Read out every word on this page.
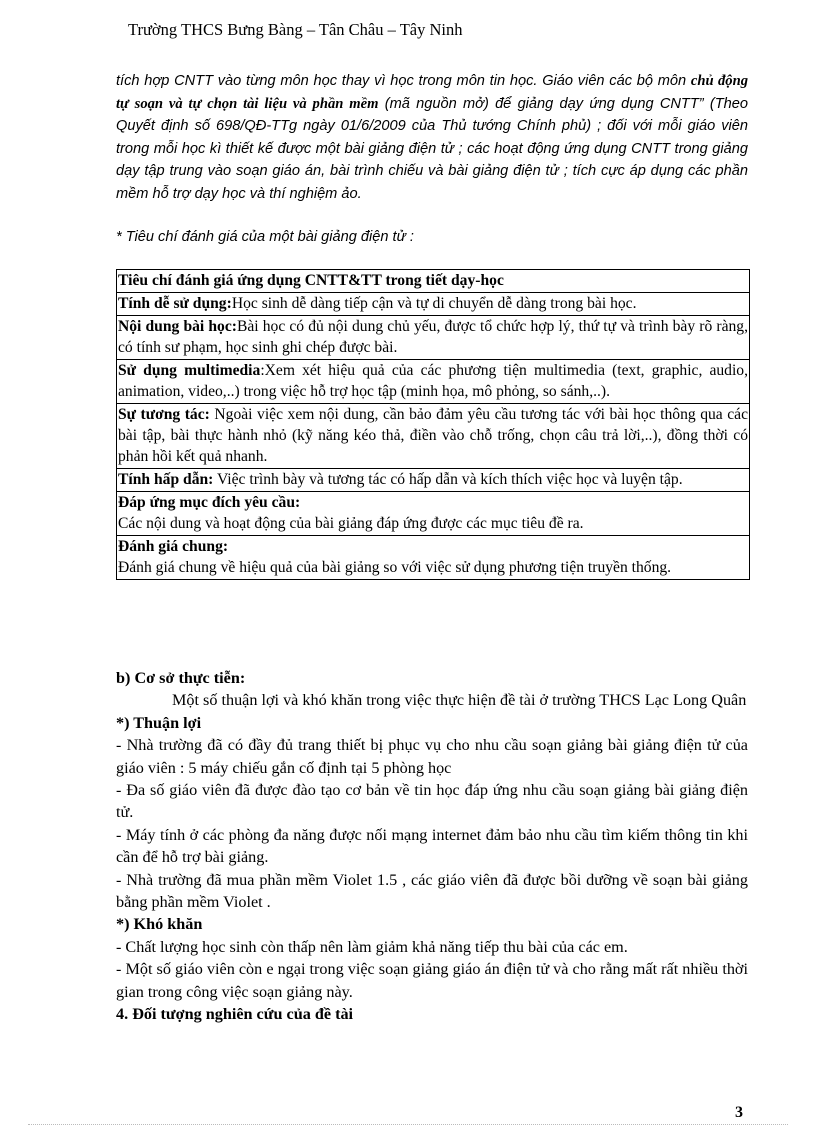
Trường THCS Bưng Bàng – Tân Châu – Tây Ninh
tích hợp CNTT vào từng môn học thay vì học trong môn tin học. Giáo viên các bộ môn chủ động tự soạn và tự chọn tài liệu và phần mềm (mã nguồn mở) để giảng dạy ứng dụng CNTT” (Theo Quyết định số 698/QĐ-TTg ngày 01/6/2009 của Thủ tướng Chính phủ) ; đối với mỗi giáo viên trong mỗi học kì thiết kế được một bài giảng điện tử ; các hoạt động ứng dụng CNTT trong giảng dạy tập trung vào soạn giáo án, bài trình chiếu và bài giảng điện tử ; tích cực áp dụng các phần mềm hỗ trợ dạy học và thí nghiệm ảo.
* Tiêu chí đánh giá của một bài giảng điện tử :
Tiêu chí đánh giá ứng dụng CNTT&TT trong tiết dạy-học
Tính dễ sử dụng:Học sinh dễ dàng tiếp cận và tự di chuyển dễ dàng trong bài học.
Nội dung bài học:Bài học có đủ nội dung chủ yếu, được tổ chức hợp lý, thứ tự và trình bày rõ ràng, có tính sư phạm, học sinh ghi chép được bài.
Sử dụng multimedia:Xem xét hiệu quả của các phương tiện multimedia (text, graphic, audio, animation, video,..) trong việc hỗ trợ học tập (minh họa, mô phỏng, so sánh,..).
Sự tương tác: Ngoài việc xem nội dung, cần bảo đảm yêu cầu tương tác với bài học thông qua các bài tập, bài thực hành nhỏ (kỹ năng kéo thả, điền vào chỗ trống, chọn câu trả lời,..), đồng thời có phản hồi kết quả nhanh.
Tính hấp dẫn: Việc trình bày và tương tác có hấp dẫn và kích thích việc học và luyện tập.
Đáp ứng mục đích yêu cầu:
Các nội dung và hoạt động của bài giảng đáp ứng được các mục tiêu đề ra.
Đánh giá chung:
Đánh giá chung về hiệu quả của bài giảng so với việc sử dụng phương tiện truyền thống.

b) Cơ sở thực tiễn:

Một số thuận lợi và khó khăn trong việc thực hiện đề tài ở trường THCS Lạc Long Quân

*) Thuận lợi

- Nhà trường đã có đầy đủ trang thiết bị phục vụ cho nhu cầu soạn giảng bài giảng điện tử của giáo viên : 5 máy chiếu gắn cố định tại 5 phòng học

- Đa số giáo viên đã được đào tạo cơ bản về tin học đáp ứng nhu cầu soạn giảng bài giảng điện tử.

- Máy tính ở các phòng đa năng được nối mạng internet đảm bảo nhu cầu tìm kiếm thông tin khi cần để hỗ trợ bài giảng.

- Nhà trường đã mua phần mềm Violet 1.5 , các giáo viên đã được bồi dưỡng về soạn bài giảng bằng phần mềm Violet .

*) Khó khăn

- Chất lượng học sinh còn thấp nên làm giảm khả năng tiếp thu bài của các em.

- Một số giáo viên còn e ngại trong việc soạn giảng giáo án điện tử và cho rằng mất rất nhiều thời gian trong công việc soạn giảng này.

4. Đối tượng nghiên cứu của đề tài

3
